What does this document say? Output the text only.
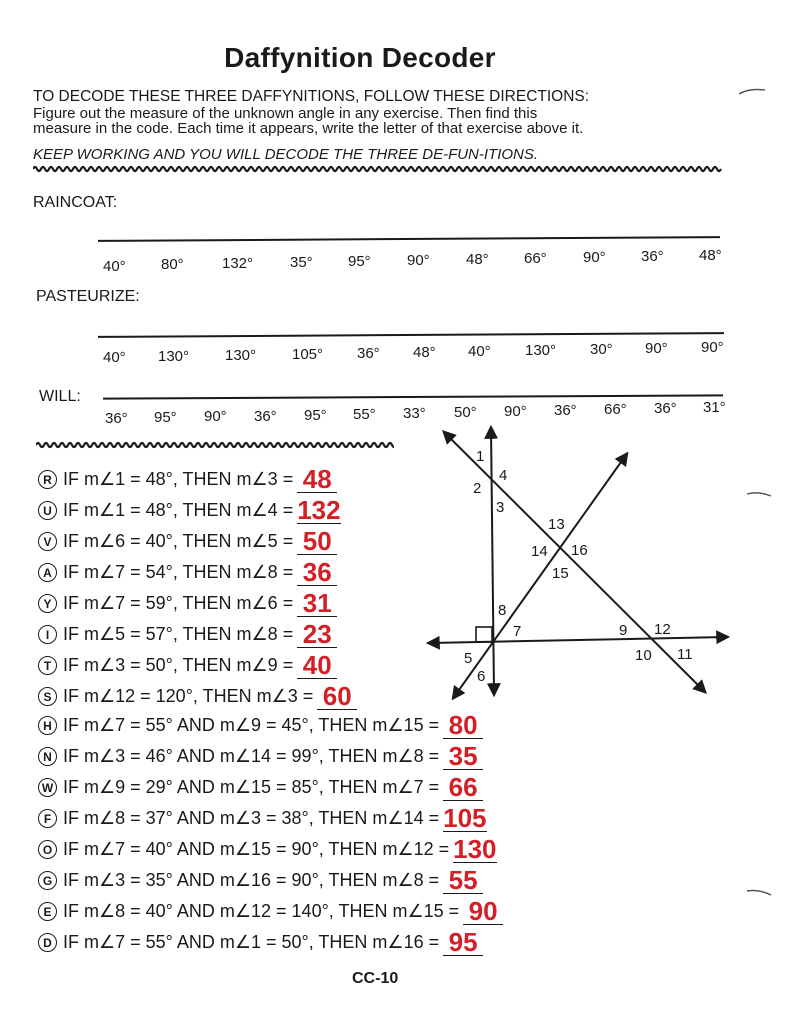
Daffynition Decoder
TO DECODE THESE THREE DAFFYNITIONS, FOLLOW THESE DIRECTIONS:
Figure out the measure of the unknown angle in any exercise. Then find this
measure in the code. Each time it appears, write the letter of that exercise above it.
KEEP WORKING AND YOU WILL DECODE THE THREE DE-FUN-ITIONS.
RAINCOAT:
40° 80°	132° 35° 95° 90° 48° 66° 90° 36° 48°
PASTEURIZE:
40° 130° 130° 105° 36° 48° 40° 130° 30° 90° 90°
WILL:
36° 95° 90° 36° 95° 55° 33° 50° 90° 36° 66° 36° 31°
R IF m∠1 = 48°, THEN m∠3 = 48
U IF m∠1 = 48°, THEN m∠4 = 132
V IF m∠6 = 40°, THEN m∠5 = 50
A IF m∠7 = 54°, THEN m∠8 = 36
Y IF m∠7 = 59°, THEN m∠6 = 31
I IF m∠5 = 57°, THEN m∠8 = 23
T IF m∠3 = 50°, THEN m∠9 = 40
S IF m∠12 = 120°, THEN m∠3 = 60
H IF m∠7 = 55° AND m∠9 = 45°, THEN m∠15 = 80
N IF m∠3 = 46° AND m∠14 = 99°, THEN m∠8 = 35
W IF m∠9 = 29° AND m∠15 = 85°, THEN m∠7 = 66
F IF m∠8 = 37° AND m∠3 = 38°, THEN m∠14 = 105
O IF m∠7 = 40° AND m∠15 = 90°, THEN m∠12 = 130
G IF m∠3 = 35° AND m∠16 = 90°, THEN m∠8 = 55
E IF m∠8 = 40° AND m∠12 = 140°, THEN m∠15 = 90
D IF m∠7 = 55° AND m∠1 = 50°, THEN m∠16 = 95
1
2
3
4
5
6
7
8
9
10 11
12
13
14
15
16
CC-10
